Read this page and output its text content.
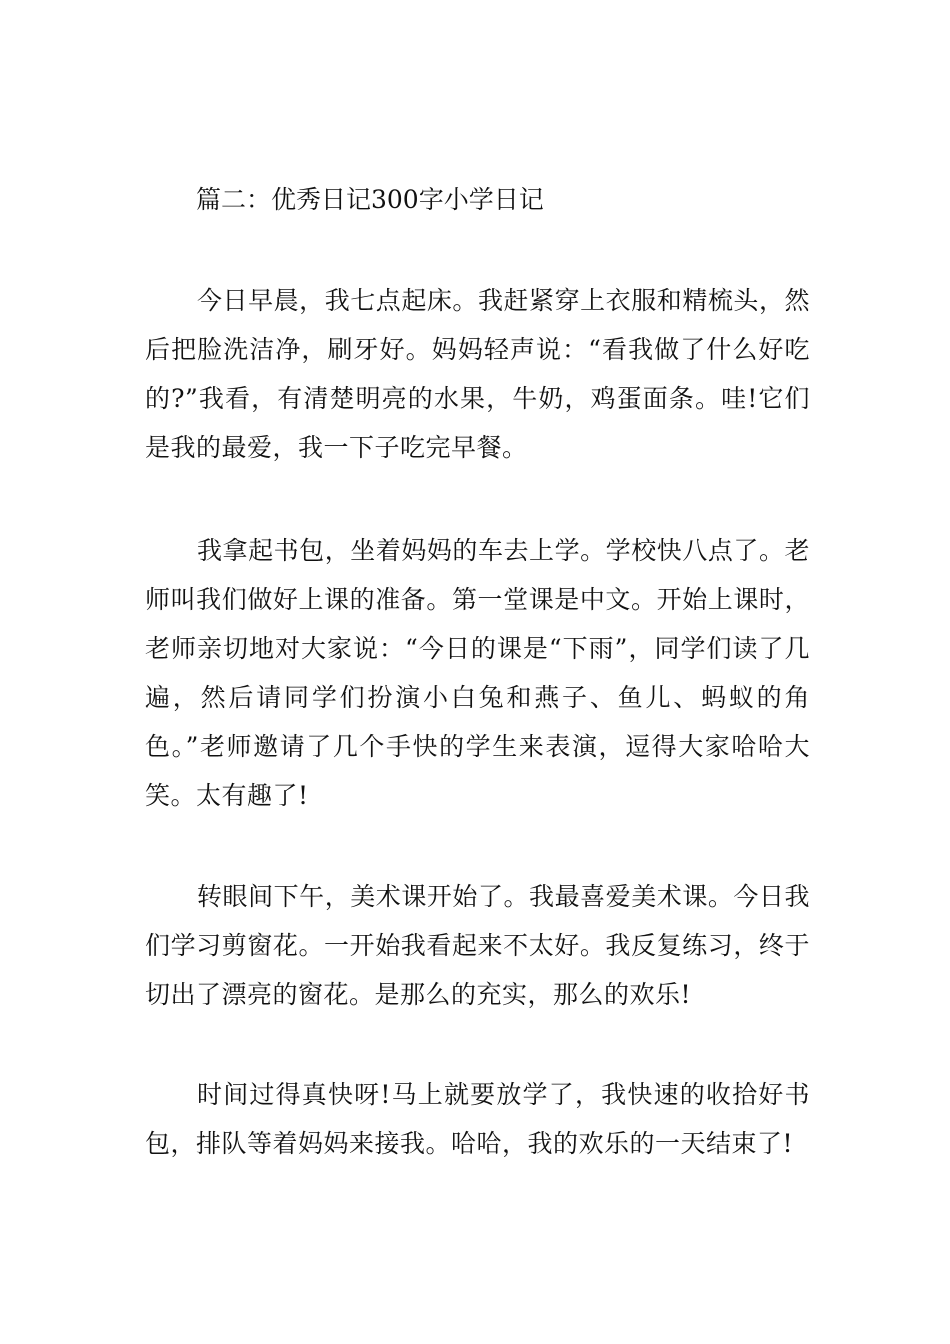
篇二：优秀日记300字小学日记

今日早晨，我七点起床。我赶紧穿上衣服和精梳头，然后把脸洗洁净，刷牙好。妈妈轻声说：“看我做了什么好吃的?”我看，有清楚明亮的水果，牛奶，鸡蛋面条。哇!它们是我的最爱，我一下子吃完早餐。

我拿起书包，坐着妈妈的车去上学。学校快八点了。老师叫我们做好上课的准备。第一堂课是中文。开始上课时，老师亲切地对大家说：“今日的课是“下雨”，同学们读了几遍，然后请同学们扮演小白兔和燕子、鱼儿、蚂蚁的角色。”老师邀请了几个手快的学生来表演，逗得大家哈哈大笑。太有趣了!

转眼间下午，美术课开始了。我最喜爱美术课。今日我们学习剪窗花。一开始我看起来不太好。我反复练习，终于切出了漂亮的窗花。是那么的充实，那么的欢乐!

时间过得真快呀!马上就要放学了，我快速的收拾好书包，排队等着妈妈来接我。哈哈，我的欢乐的一天结束了!
